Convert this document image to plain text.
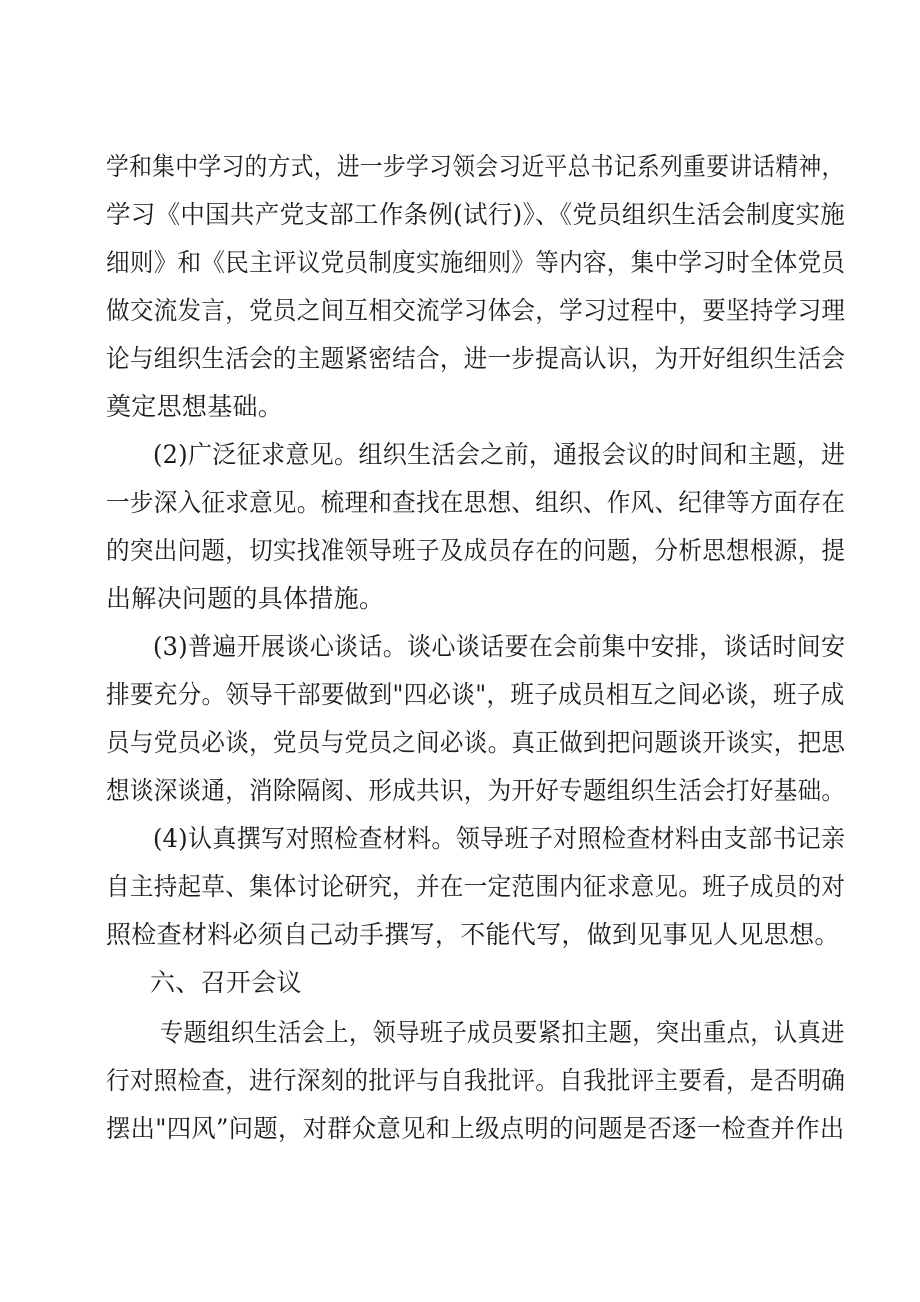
学和集中学习的方式，进一步学习领会习近平总书记系列重要讲话精神，
学习《中国共产党支部工作条例(试行)》、《党员组织生活会制度实施
细则》和《民主评议党员制度实施细则》等内容，集中学习时全体党员
做交流发言，党员之间互相交流学习体会，学习过程中，要坚持学习理
论与组织生活会的主题紧密结合，进一步提高认识，为开好组织生活会
奠定思想基础。
(2)广泛征求意见。组织生活会之前，通报会议的时间和主题，进
一步深入征求意见。梳理和查找在思想、组织、作风、纪律等方面存在
的突出问题，切实找准领导班子及成员存在的问题，分析思想根源，提
出解决问题的具体措施。
(3)普遍开展谈心谈话。谈心谈话要在会前集中安排，谈话时间安
排要充分。领导干部要做到"四必谈"，班子成员相互之间必谈，班子成
员与党员必谈，党员与党员之间必谈。真正做到把问题谈开谈实，把思
想谈深谈通，消除隔阂、形成共识，为开好专题组织生活会打好基础。
(4)认真撰写对照检查材料。领导班子对照检查材料由支部书记亲
自主持起草、集体讨论研究，并在一定范围内征求意见。班子成员的对
照检查材料必须自己动手撰写，不能代写，做到见事见人见思想。
六、召开会议
专题组织生活会上，领导班子成员要紧扣主题，突出重点，认真进
行对照检查，进行深刻的批评与自我批评。自我批评主要看，是否明确
摆出"四风”问题，对群众意见和上级点明的问题是否逐一检查并作出
